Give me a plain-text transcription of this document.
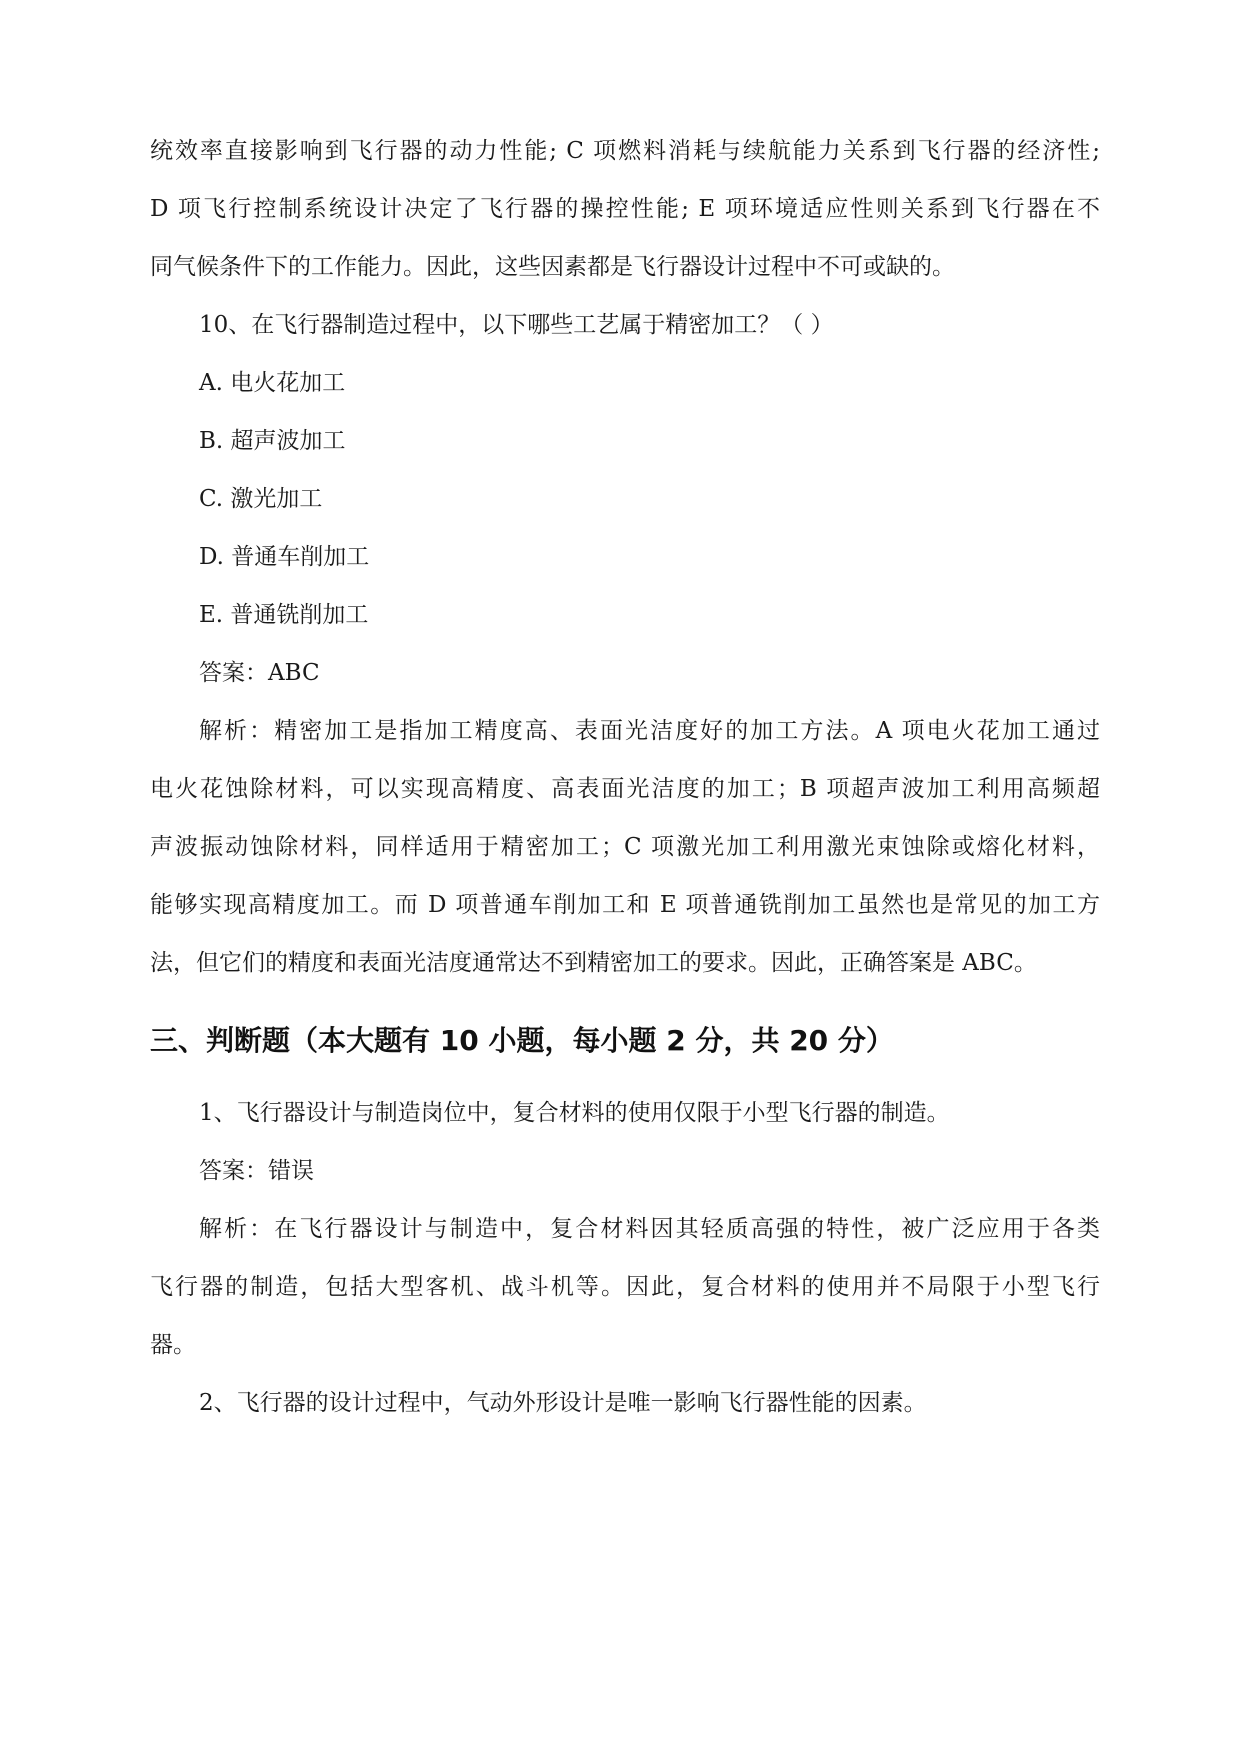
统效率直接影响到飞行器的动力性能; C 项燃料消耗与续航能力关系到飞行器的经济性;

D 项飞行控制系统设计决定了飞行器的操控性能; E 项环境适应性则关系到飞行器在不

同气候条件下的工作能力。因此，这些因素都是飞行器设计过程中不可或缺的。

10、在飞行器制造过程中，以下哪些工艺属于精密加工？（ ）

A. 电火花加工

B. 超声波加工

C. 激光加工

D. 普通车削加工

E. 普通铣削加工

答案：ABC

解析：精密加工是指加工精度高、表面光洁度好的加工方法。A 项电火花加工通过

电火花蚀除材料，可以实现高精度、高表面光洁度的加工；B 项超声波加工利用高频超

声波振动蚀除材料，同样适用于精密加工；C 项激光加工利用激光束蚀除或熔化材料，

能够实现高精度加工。而 D 项普通车削加工和 E 项普通铣削加工虽然也是常见的加工方

法，但它们的精度和表面光洁度通常达不到精密加工的要求。因此，正确答案是 ABC。

三、判断题（本大题有 10 小题，每小题 2 分，共 20 分）

1、飞行器设计与制造岗位中，复合材料的使用仅限于小型飞行器的制造。

答案：错误

解析：在飞行器设计与制造中，复合材料因其轻质高强的特性，被广泛应用于各类

飞行器的制造，包括大型客机、战斗机等。因此，复合材料的使用并不局限于小型飞行

器。

2、飞行器的设计过程中，气动外形设计是唯一影响飞行器性能的因素。
